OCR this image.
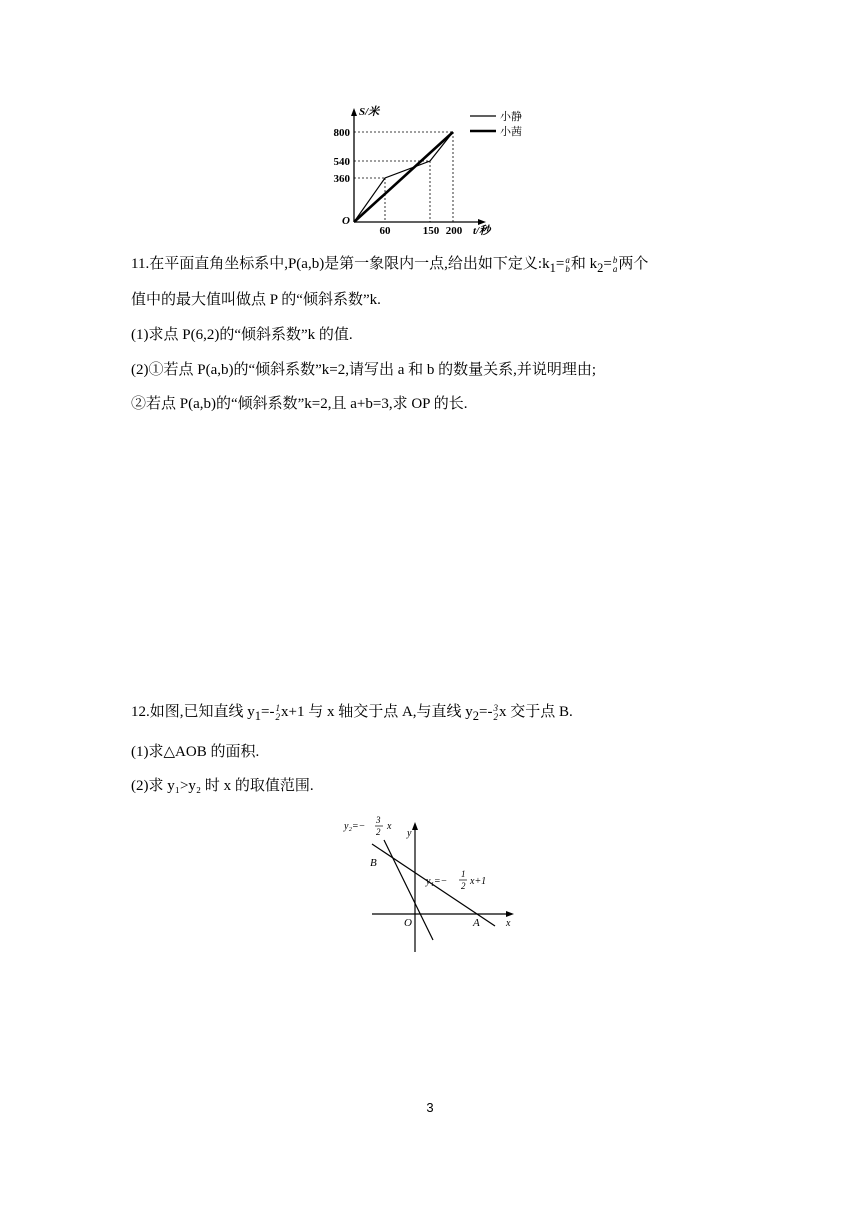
S/米
800
540
360
O
60	150 200 t/秒
小静
小茜
11.在平面直角坐标系中,P(a,b)是第一象限内一点,给出如下定义$:k_1= a$
b 和 $k_2= b$
a 两个
值中的最大值叫做点 P 的“倾斜系数”k.
(1)求点 P(6,2)的“倾斜系数”k 的值.
(2)①若点 P(a,b)的“倾斜系数”k=2,请写出 a 和 b 的数量关系,并说明理由;
②若点 P(a,b)的“倾斜系数”k=2,且 a+b=3,求 OP 的长.
12.如图,已知直线 $y_1=-$ 1
2 x+1 与 x 轴交于点 A,与直线 $y_2=-$ 3
2 x 交于点 B.
(1)求△AOB 的面积.
(2)求 y₁>y₂ 时 x 的取值范围.
y₂=−
3
2 x
y
B
y₁=−
1
2 x+1
O	A	x
3
